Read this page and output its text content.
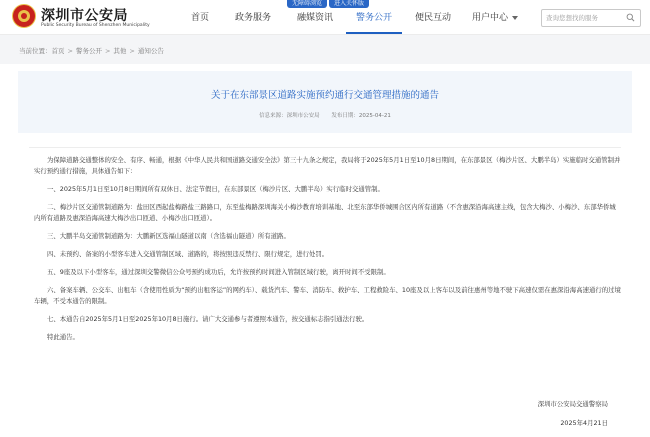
深圳市公安局
Public Security Bureau of Shenzhen Municipality
首页	政务服务	融媒资讯	警务公开	便民互动	用户中心
查询您想找的服务
无障碍浏览	进入关怀版
当前位置： 首页 > 警务公开 > 其他 > 通知公告
关于在东部景区道路实施预约通行交通管理措施的通告
信息来源：深圳市公安局 发布日期：2025-04-21

为保障道路交通整体的安全、有序、畅通，根据《中华人民共和国道路交通安全法》第三十九条之规定，我局将于2025年5月1日至10月8日期间，在东部景区（梅沙片区、大鹏半岛）实施临时交通管制并实行预约通行措施，具体通告如下：

一、2025年5月1日至10月8日期间所有双休日、法定节假日，在东部景区（梅沙片区、大鹏半岛）实行临时交通管制。

二、梅沙片区交通管制道路为：盐田区西起盐梅路盐三路路口，东至盐梅路深圳海关小梅沙教育培训基地、北至东部华侨城围合区内所有道路（不含惠深沿海高速主线，包含大梅沙、小梅沙、东部华侨城内所有道路及惠深沿海高速大梅沙出口匝道、小梅沙出口匝道）。

三、大鹏半岛交通管制道路为：大鹏新区选福山隧道以南（含选福山隧道）所有道路。

四、未预约、备案的小型客车进入交通管制区域、道路的，将按照违反禁行、限行规定，进行处罚。

五、9座及以下小型客车，通过深圳交警微信公众号预约成功后，允许按预约时间进入管制区域行驶，离开时间不受限制。

六、备案车辆、公交车、出租车（含使用性质为“预约出租客运”的网约车）、载货汽车、警车、消防车、救护车、工程救险车、10座及以上客车以及前往惠州等地不驶下高速仅需在惠深沿海高速通行的过境车辆，不受本通告的限制。

七、本通告自2025年5月1日至2025年10月8日施行。请广大交通参与者遵照本通告，按交通标志指引通法行驶。

特此通告。

深圳市公安局交通警察局
2025年4月21日
